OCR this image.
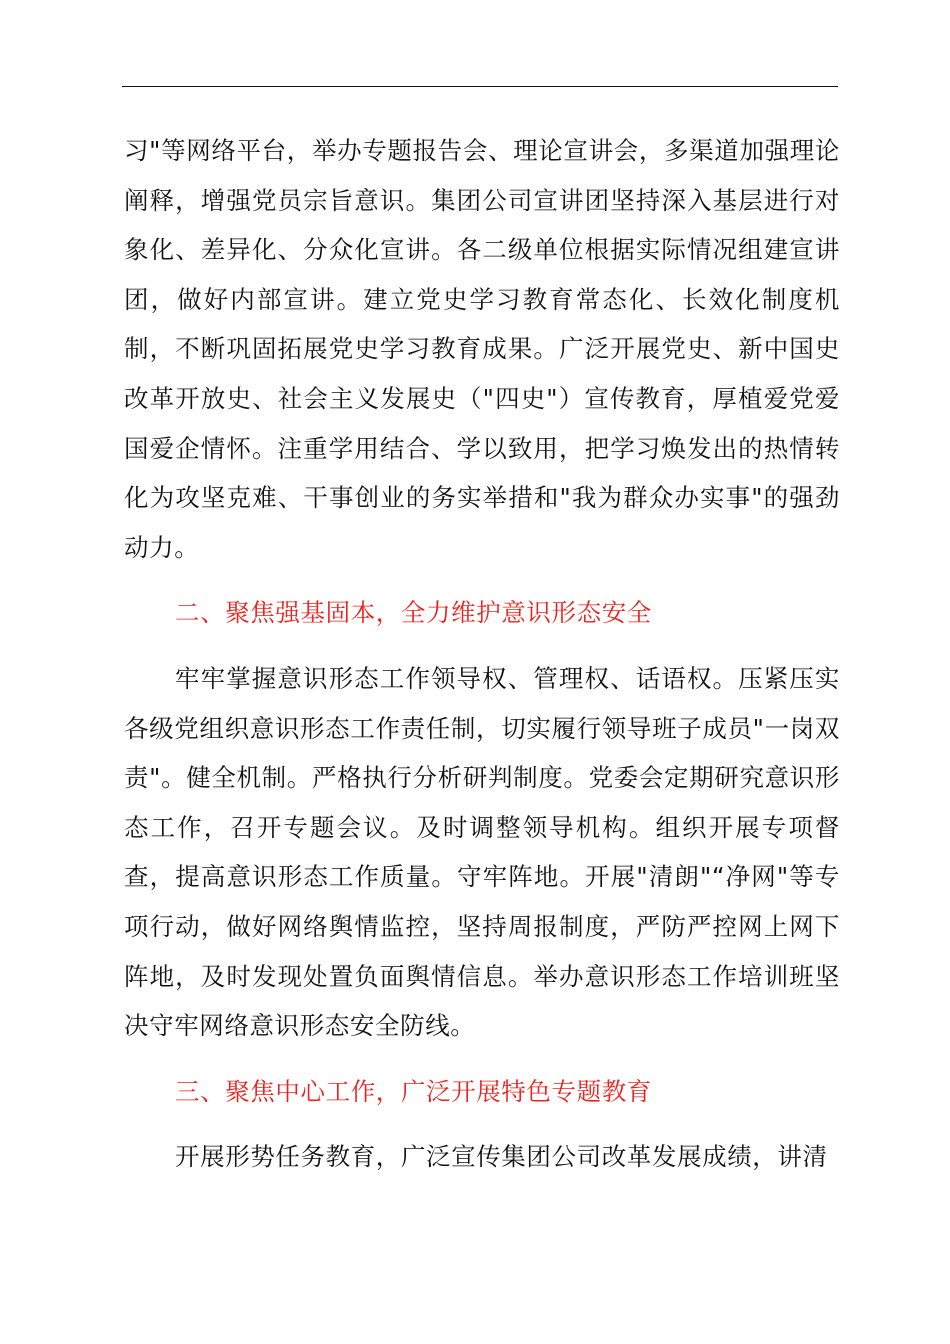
习"等网络平台，举办专题报告会、理论宣讲会，多渠道加强理论阐释，增强党员宗旨意识。集团公司宣讲团坚持深入基层进行对象化、差异化、分众化宣讲。各二级单位根据实际情况组建宣讲团，做好内部宣讲。建立党史学习教育常态化、长效化制度机制，不断巩固拓展党史学习教育成果。广泛开展党史、新中国史改革开放史、社会主义发展史（"四史"）宣传教育，厚植爱党爱国爱企情怀。注重学用结合、学以致用，把学习焕发出的热情转化为攻坚克难、干事创业的务实举措和"我为群众办实事"的强劲动力。

二、聚焦强基固本，全力维护意识形态安全

牢牢掌握意识形态工作领导权、管理权、话语权。压紧压实各级党组织意识形态工作责任制，切实履行领导班子成员"一岗双责"。健全机制。严格执行分析研判制度。党委会定期研究意识形态工作，召开专题会议。及时调整领导机构。组织开展专项督查，提高意识形态工作质量。守牢阵地。开展"清朗"“净网"等专项行动，做好网络舆情监控，坚持周报制度，严防严控网上网下阵地，及时发现处置负面舆情信息。举办意识形态工作培训班坚决守牢网络意识形态安全防线。

三、聚焦中心工作，广泛开展特色专题教育

开展形势任务教育，广泛宣传集团公司改革发展成绩，讲清
